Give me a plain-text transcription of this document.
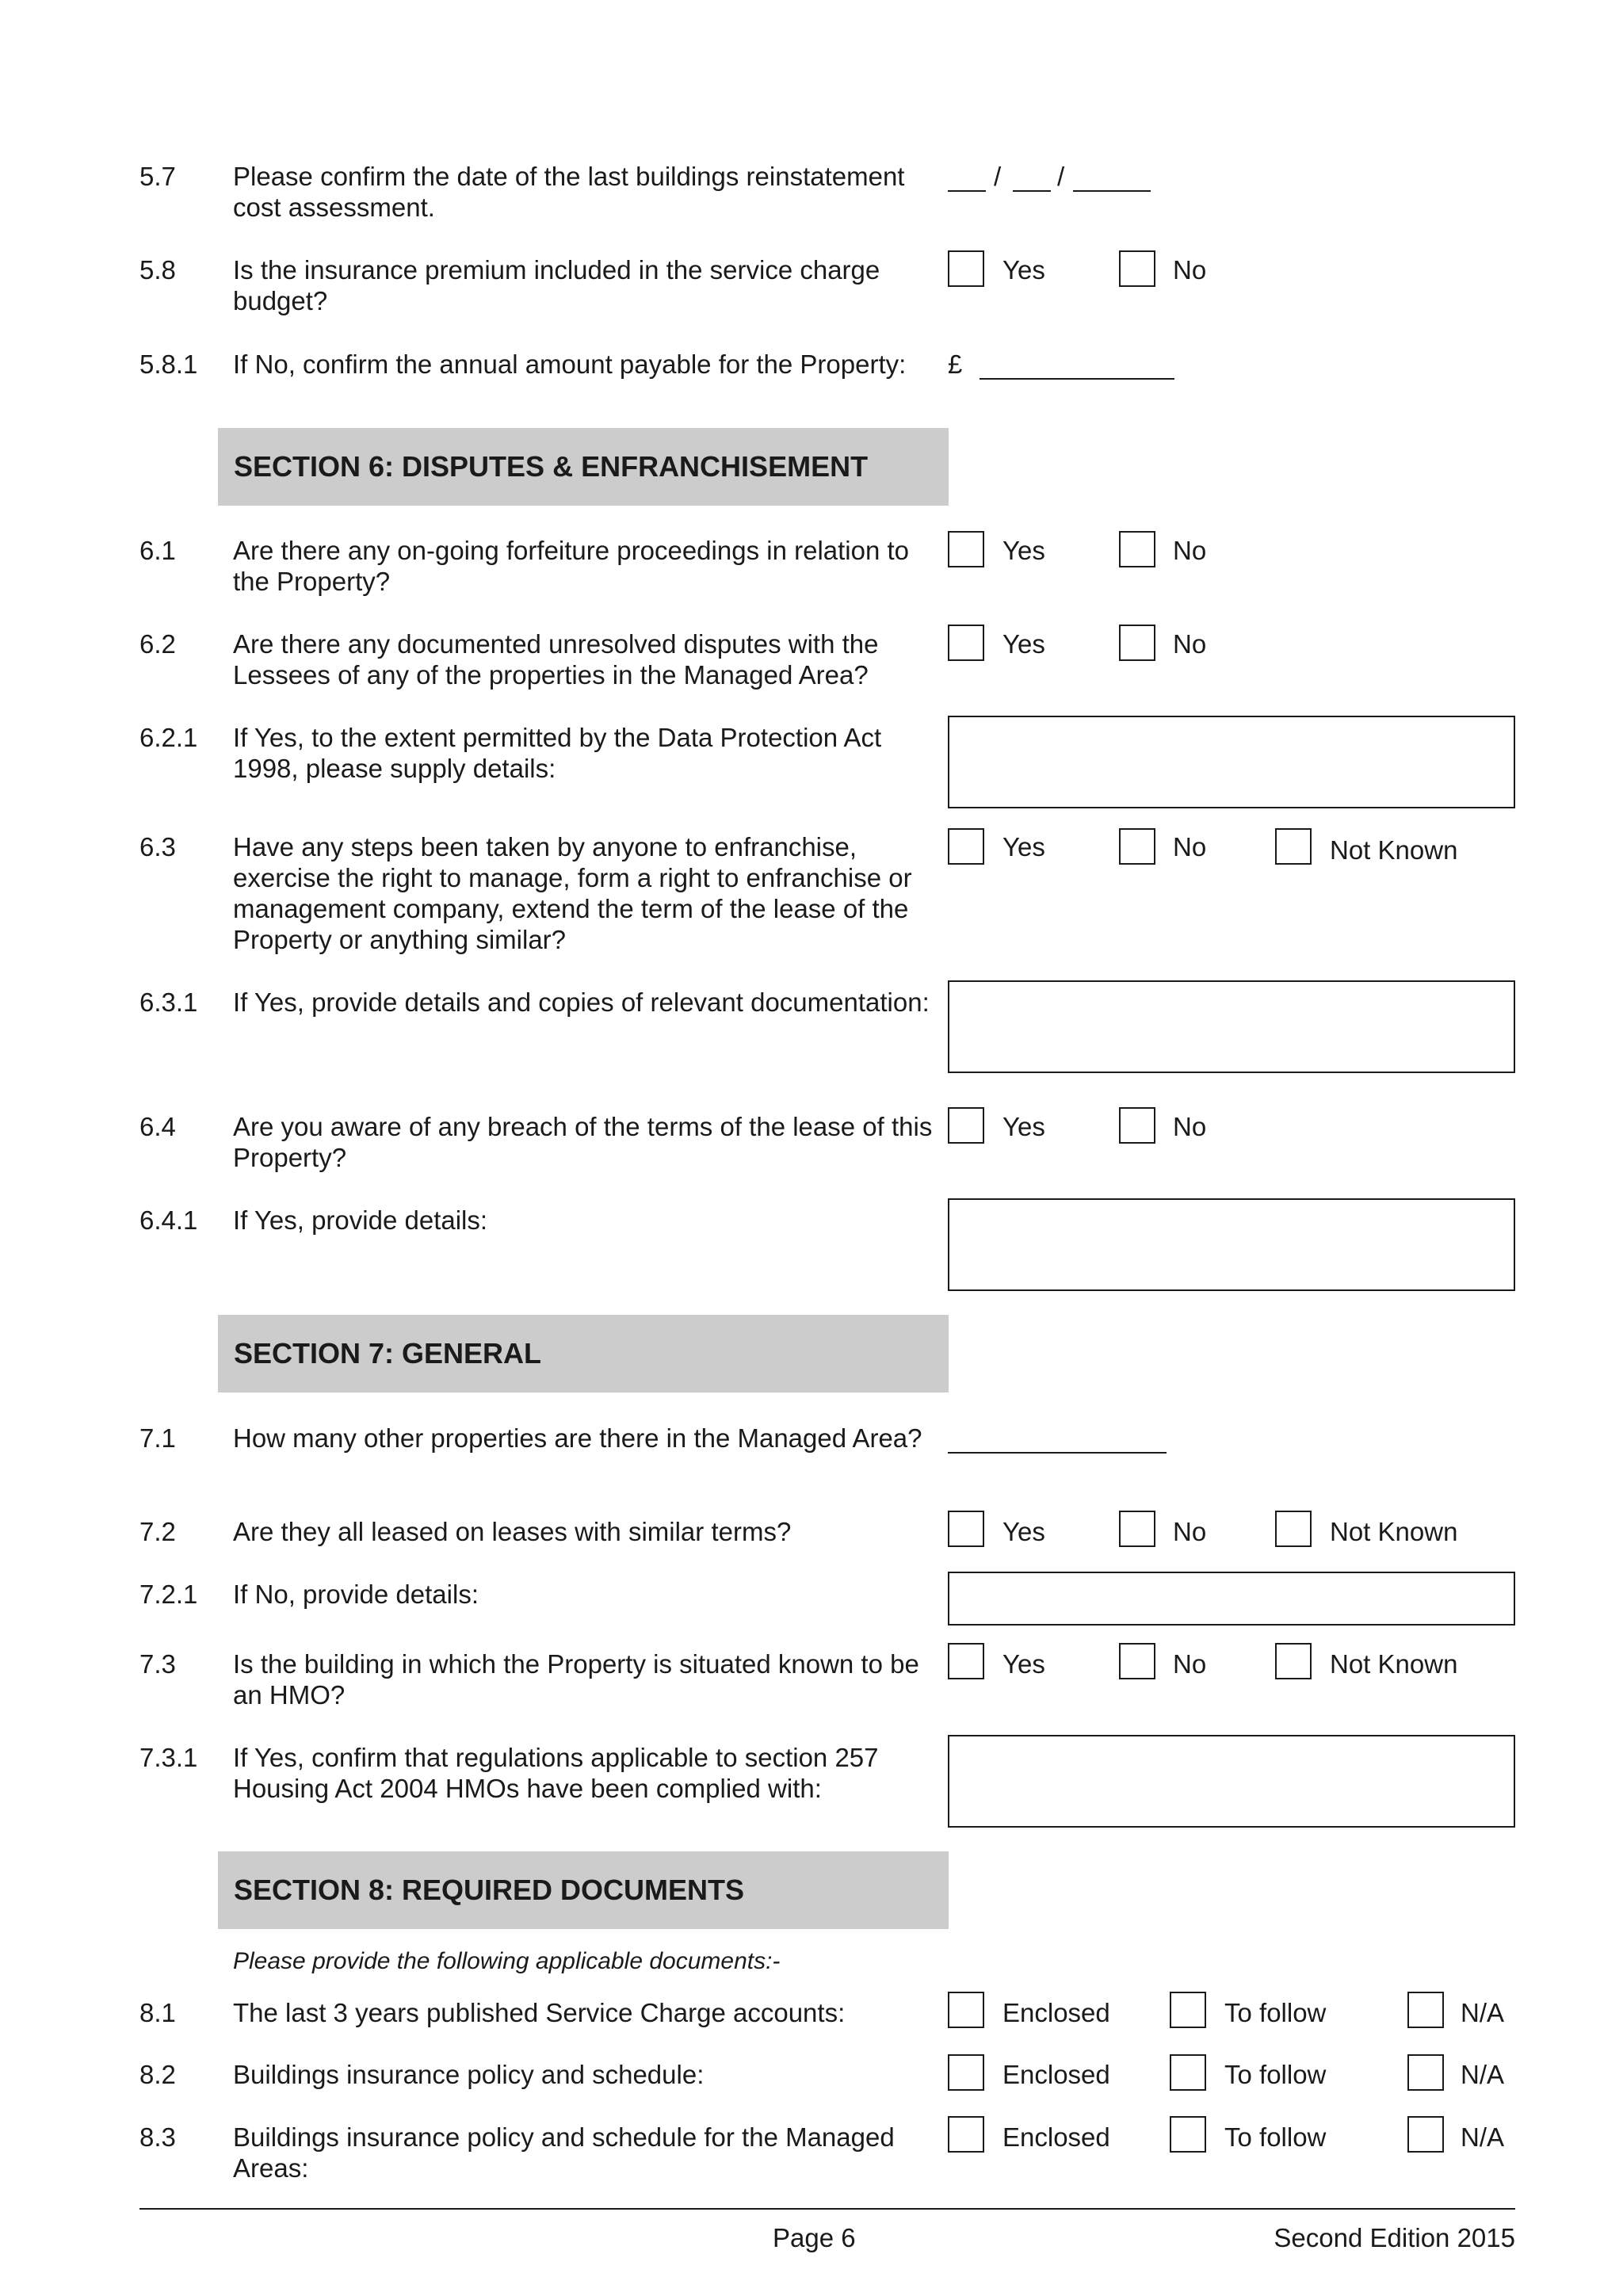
5.7 Please confirm the date of the last buildings reinstatement cost assessment.
/ /
5.8 Is the insurance premium included in the service charge budget?
Yes	No
5.8.1 If No, confirm the annual amount payable for the Property:	£
SECTION 6: DISPUTES & ENFRANCHISEMENT
6.1 Are there any on-going forfeiture proceedings in relation to the Property?
Yes	No
6.2 Are there any documented unresolved disputes with the Lessees of any of the properties in the Managed Area?
Yes	No
6.2.1 If Yes, to the extent permitted by the Data Protection Act 1998, please supply details:
6.3 Have any steps been taken by anyone to enfranchise, exercise the right to manage, form a right to enfranchise or management company, extend the term of the lease of the Property or anything similar?
Yes	No	Not Known
6.3.1 If Yes, provide details and copies of relevant documentation:
6.4 Are you aware of any breach of the terms of the lease of this Property?
Yes	No
6.4.1 If Yes, provide details:
SECTION 7: GENERAL
7.1 How many other properties are there in the Managed Area?
7.2 Are they all leased on leases with similar terms?	Yes	No	Not Known
7.2.1 If No, provide details:
7.3 Is the building in which the Property is situated known to be an HMO?
Yes	No	Not Known
7.3.1 If Yes, confirm that regulations applicable to section 257 Housing Act 2004 HMOs have been complied with:
SECTION 8: REQUIRED DOCUMENTS
Please provide the following applicable documents:-
8.1 The last 3 years published Service Charge accounts:	Enclosed	To follow	N/A
8.2 Buildings insurance policy and schedule:	Enclosed	To follow	N/A
8.3 Buildings insurance policy and schedule for the Managed Areas:
Enclosed	To follow	N/A
Page 6	Second Edition 2015
